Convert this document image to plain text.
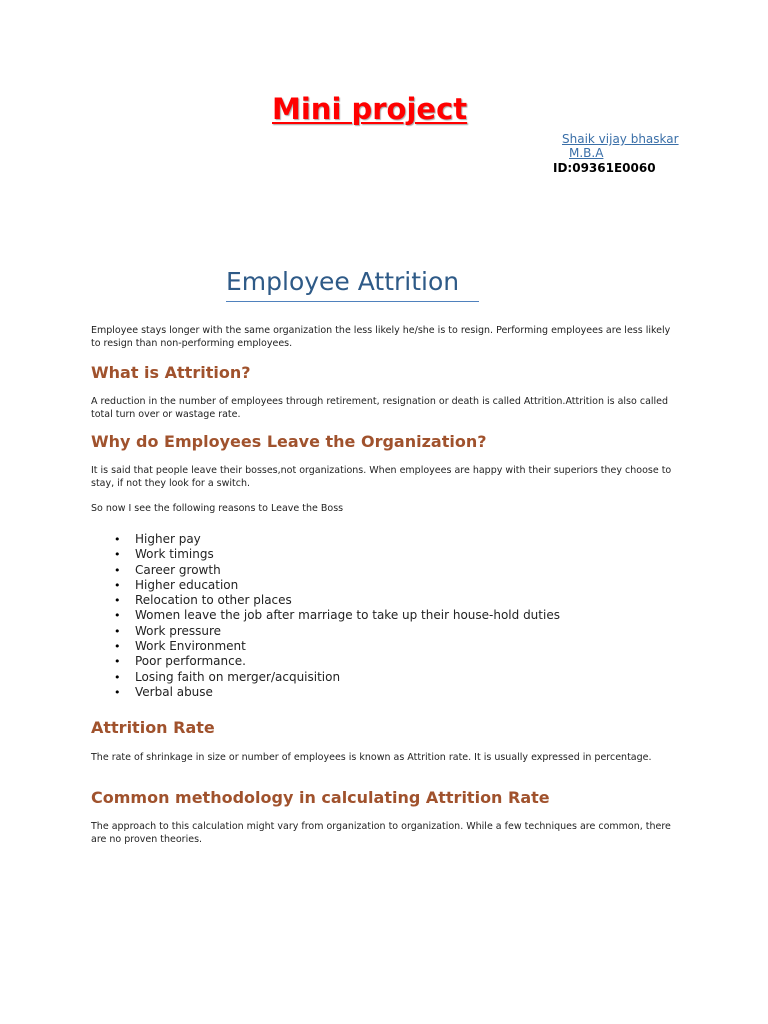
Mini project
Shaik vijay bhaskar
M.B.A
ID:09361E0060
Employee Attrition

Employee stays longer with the same organization the less likely he/she is to resign. Performing employees are less likely to resign than non-performing employees.

What is Attrition?

A reduction in the number of employees through retirement, resignation or death is called Attrition.Attrition is also called total turn over or wastage rate.

Why do Employees Leave the Organization?

It is said that people leave their bosses,not organizations. When employees are happy with their superiors they choose to stay, if not they look for a switch.

So now I see the following reasons to Leave the Boss

• Higher pay
• Work timings
• Career growth
• Higher education
• Relocation to other places
• Women leave the job after marriage to take up their house-hold duties
• Work pressure
• Work Environment
• Poor performance.
• Losing faith on merger/acquisition
• Verbal abuse
Attrition Rate

The rate of shrinkage in size or number of employees is known as Attrition rate. It is usually expressed in percentage.

Common methodology in calculating Attrition Rate

The approach to this calculation might vary from organization to organization. While a few techniques are common, there are no proven theories.
